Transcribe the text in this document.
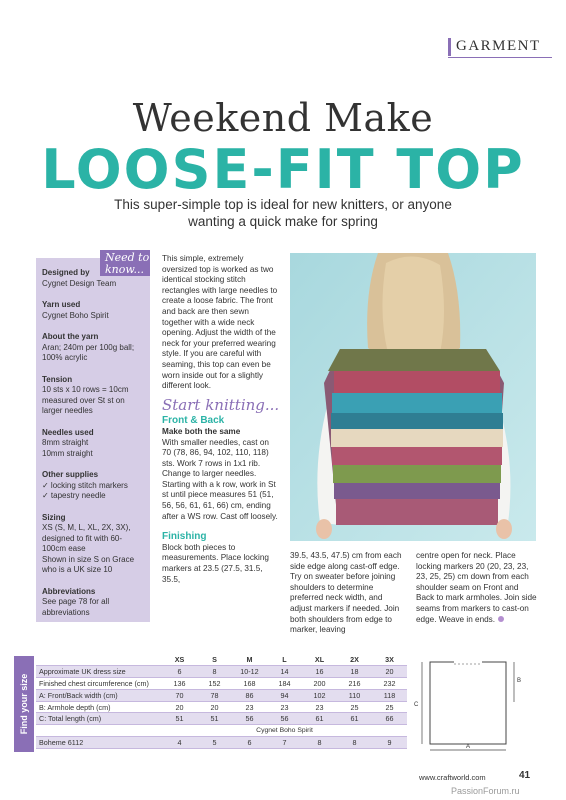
GARMENT
Weekend Make
LOOSE-FIT TOP
This super-simple top is ideal for new knitters, or anyone wanting a quick make for spring
Designed by
Cygnet Design Team
Yarn used
Cygnet Boho Spirit
About the yarn
Aran; 240m per 100g ball; 100% acrylic
Tension
10 sts x 10 rows = 10cm measured over St st on larger needles
Needles used
8mm straight
10mm straight
Other supplies
✓ locking stitch markers
✓ tapestry needle
Sizing
XS (S, M, L, XL, 2X, 3X), designed to fit with 60-100cm ease
Shown in size S on Grace who is a UK size 10
Abbreviations
See page 78 for all abbreviations
Need to know...

This simple, extremely oversized top is worked as two identical stocking stitch rectangles with large needles to create a loose fabric. The front and back are then sewn together with a wide neck opening. Adjust the width of the neck for your preferred wearing style. If you are careful with seaming, this top can even be worn inside out for a slightly different look.

Start knitting...
Front & Back
Make both the same

With smaller needles, cast on 70 (78, 86, 94, 102, 110, 118) sts. Work 7 rows in 1x1 rib. Change to larger needles. Starting with a k row, work in St st until piece measures 51 (51, 56, 56, 61, 61, 66) cm, ending after a WS row. Cast off loosely.

Finishing

Block both pieces to measurements. Place locking markers at 23.5 (27.5, 31.5, 35.5,

39.5, 43.5, 47.5) cm from each side edge along cast-off edge. Try on sweater before joining shoulders to determine preferred neck width, and adjust markers if needed. Join both shoulders from edge to marker, leaving

centre open for neck. Place locking markers 20 (20, 23, 23, 23, 25, 25) cm down from each shoulder seam on Front and Back to mark armholes. Join side seams from markers to cast-on edge. Weave in ends.

Find your size
	XS	S	M	L	XL	2X	3X
Approximate UK dress size	6	8	10-12	14	16	18	20
Finished chest circumference (cm)	136	152	168	184	200	216	232
A: Front/Back width (cm)	70	78	86	94	102	110	118
B: Armhole depth (cm)	20	20	23	23	23	25	25
C: Total length (cm)	51	51	56	56	61	61	66
	Cygnet Boho Spirit						
Boheme 6112	4	5	6	7	8	8	9
B
C
A
www.craftworld.com	41
PassionForum.ru
